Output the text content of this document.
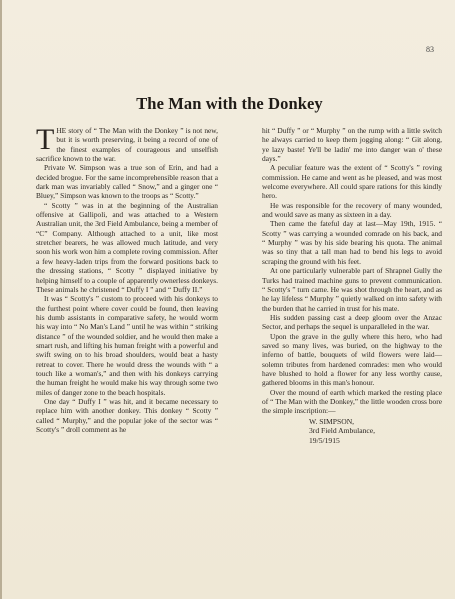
83
The Man with the Donkey

THE story of “ The Man with the Donkey ” is not new, but it is worth preserving, it being a record of one of the finest examples of courageous and unselfish sacrifice known to the war.

Private W. Simpson was a true son of Erin, and had a decided brogue. For the same incomprehensible reason that a dark man was invariably called “ Snow,” and a ginger one “ Bluey,” Simpson was known to the troops as “ Scotty.”

“ Scotty ” was in at the beginning of the Australian offensive at Gallipoli, and was attached to a Western Australian unit, the 3rd Field Ambulance, being a member of “C” Company. Although attached to a unit, like most stretcher bearers, he was allowed much latitude, and very soon his work won him a complete roving commission. After a few heavy-laden trips from the forward positions back to the dressing stations, “ Scotty ” displayed initiative by helping himself to a couple of apparently ownerless donkeys. These animals he christened “ Duffy I ” and “ Duffy II.”

It was “ Scotty's ” custom to proceed with his donkeys to the furthest point where cover could be found, then leaving his dumb assistants in comparative safety, he would worm his way into “ No Man's Land ” until he was within “ striking distance ” of the wounded soldier, and he would then make a smart rush, and lifting his human freight with a powerful and swift swing on to his broad shoulders, would beat a hasty retreat to cover. There he would dress the wounds with “ a touch like a woman's,” and then with his donkeys carrying the human freight he would make his way through some two miles of danger zone to the beach hospitals.

One day “ Duffy I ” was hit, and it became necessary to replace him with another donkey. This donkey “ Scotty ” called “ Murphy,” and the popular joke of the sector was “ Scotty's ” droll comment as he

hit “ Duffy ” or “ Murphy ” on the rump with a little switch he always carried to keep them jogging along: “ Git along, ye lazy baste! Ye'll be ladin' me into danger wan o' these days.”

A peculiar feature was the extent of “ Scotty's ” roving commission. He came and went as he pleased, and was most welcome everywhere. All could spare rations for this kindly hero.

He was responsible for the recovery of many wounded, and would save as many as sixteen in a day.

Then came the fateful day at last—May 19th, 1915. “ Scotty ” was carrying a wounded comrade on his back, and “ Murphy ” was by his side bearing his quota. The animal was so tiny that a tall man had to bend his legs to avoid scraping the ground with his feet.

At one particularly vulnerable part of Shrapnel Gully the Turks had trained machine guns to prevent communication. “ Scotty's ” turn came. He was shot through the heart, and as he lay lifeless “ Murphy ” quietly walked on into safety with the burden that he carried in trust for his mate.

His sudden passing cast a deep gloom over the Anzac Sector, and perhaps the sequel is unparalleled in the war.

Upon the grave in the gully where this hero, who had saved so many lives, was buried, on the highway to the inferno of battle, bouquets of wild flowers were laid—solemn tributes from hardened comrades: men who would have blushed to hold a flower for any less worthy cause, gathered blooms in this man's honour.

Over the mound of earth which marked the resting place of “ The Man with the Donkey,” the little wooden cross bore the simple inscription:—

W. SIMPSON,
3rd Field Ambulance,
19/5/1915
